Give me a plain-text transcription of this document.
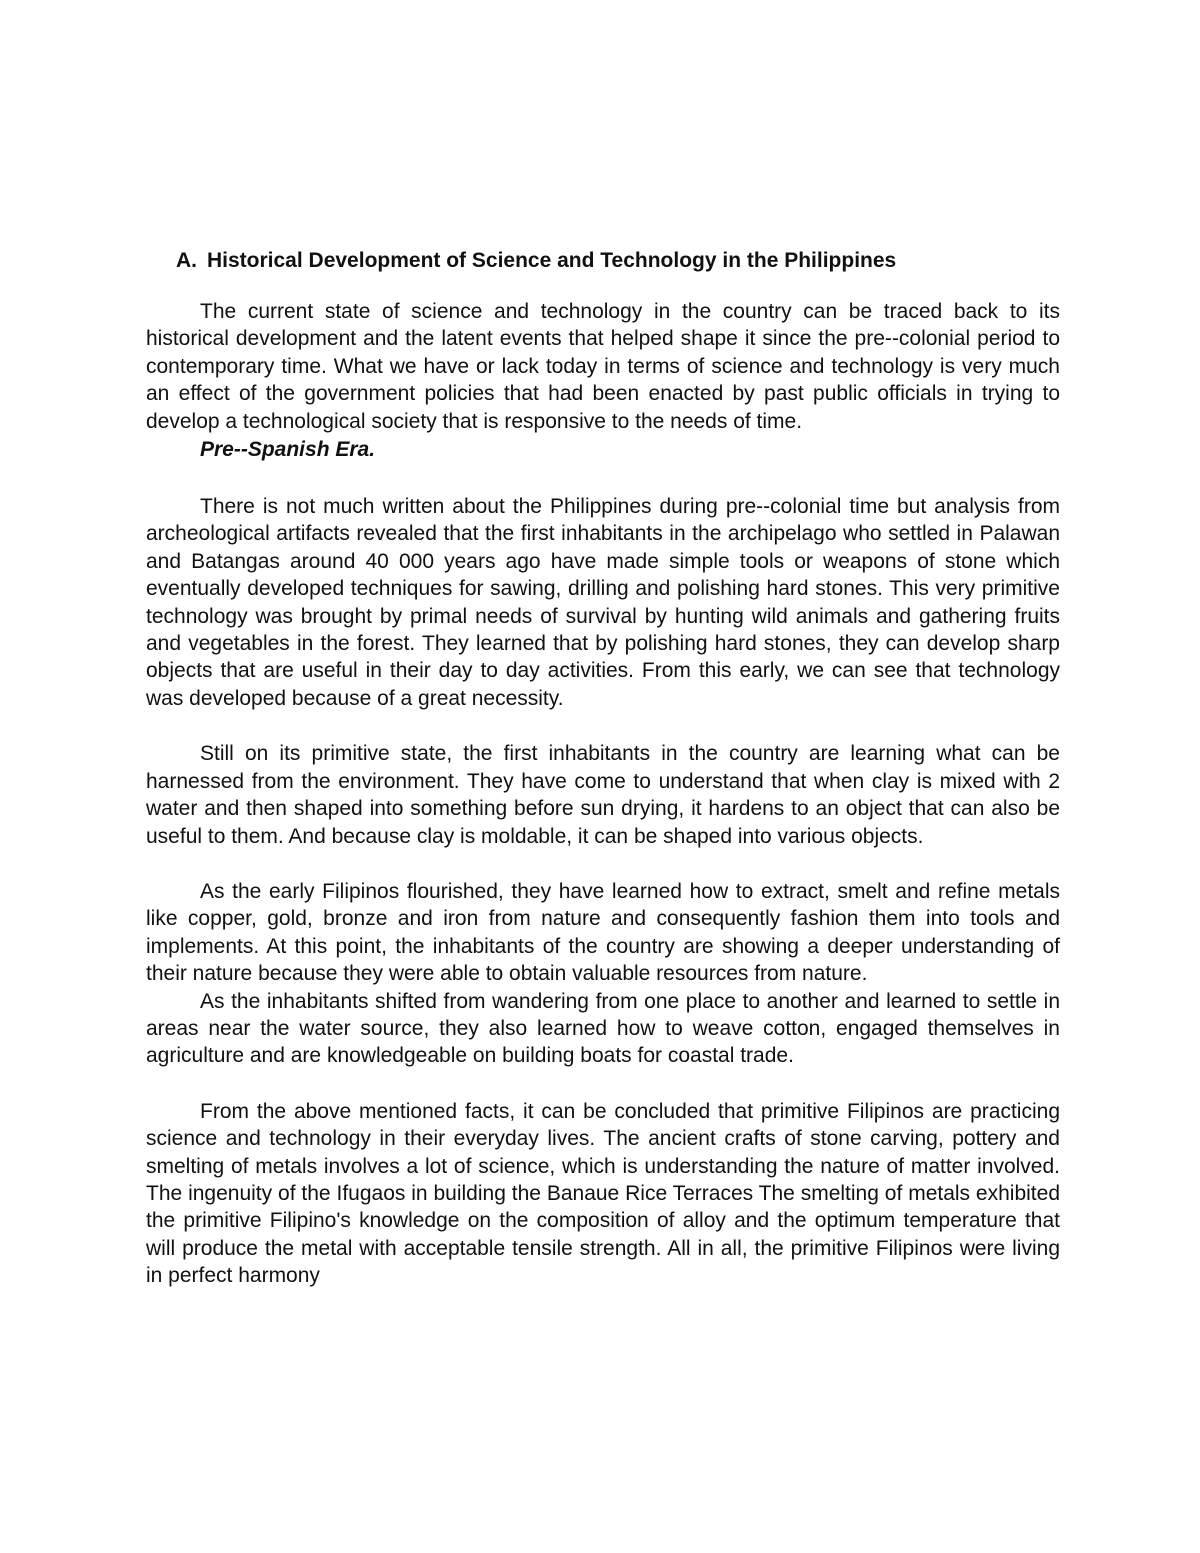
A. Historical Development of Science and Technology in the Philippines

The current state of science and technology in the country can be traced back to its historical development and the latent events that helped shape it since the pre--colonial period to contemporary time. What we have or lack today in terms of science and technology is very much an effect of the government policies that had been enacted by past public officials in trying to develop a technological society that is responsive to the needs of time.

Pre--Spanish Era.

There is not much written about the Philippines during pre--colonial time but analysis from archeological artifacts revealed that the first inhabitants in the archipelago who settled in Palawan and Batangas around 40 000 years ago have made simple tools or weapons of stone which eventually developed techniques for sawing, drilling and polishing hard stones. This very primitive technology was brought by primal needs of survival by hunting wild animals and gathering fruits and vegetables in the forest. They learned that by polishing hard stones, they can develop sharp objects that are useful in their day to day activities. From this early, we can see that technology was developed because of a great necessity.

Still on its primitive state, the first inhabitants in the country are learning what can be harnessed from the environment. They have come to understand that when clay is mixed with 2 water and then shaped into something before sun drying, it hardens to an object that can also be useful to them. And because clay is moldable, it can be shaped into various objects.

As the early Filipinos flourished, they have learned how to extract, smelt and refine metals like copper, gold, bronze and iron from nature and consequently fashion them into tools and implements. At this point, the inhabitants of the country are showing a deeper understanding of their nature because they were able to obtain valuable resources from nature.

As the inhabitants shifted from wandering from one place to another and learned to settle in areas near the water source, they also learned how to weave cotton, engaged themselves in agriculture and are knowledgeable on building boats for coastal trade.

From the above mentioned facts, it can be concluded that primitive Filipinos are practicing science and technology in their everyday lives. The ancient crafts of stone carving, pottery and smelting of metals involves a lot of science, which is understanding the nature of matter involved. The ingenuity of the Ifugaos in building the Banaue Rice Terraces The smelting of metals exhibited the primitive Filipino's knowledge on the composition of alloy and the optimum temperature that will produce the metal with acceptable tensile strength. All in all, the primitive Filipinos were living in perfect harmony
